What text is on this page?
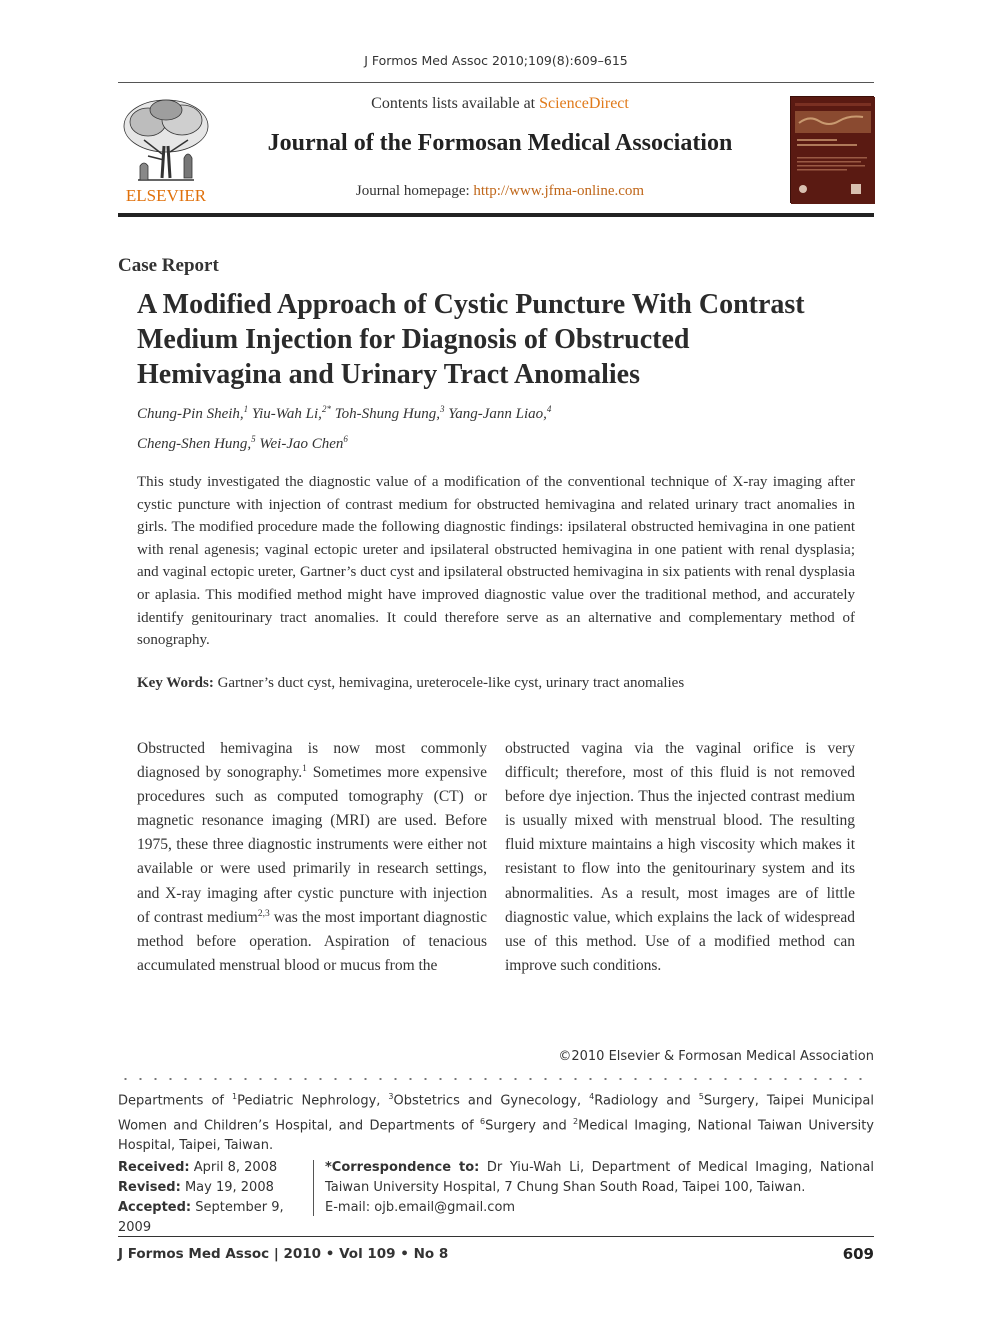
J Formos Med Assoc 2010;109(8):609–615
ELSEVIER
Contents lists available at ScienceDirect
Journal of the Formosan Medical Association
Journal homepage: http://www.jfma-online.com
Case Report
A Modified Approach of Cystic Puncture With Contrast
Medium Injection for Diagnosis of Obstructed
Hemivagina and Urinary Tract Anomalies
Chung-Pin Sheih,$^1$ Yiu-Wah Li,$^{2*}$ Toh-Shung Hung,$^3$ Yang-Jann Liao,$^4$
Cheng-Shen Hung,$^5$ Wei-Jao Chen$^6$
This study investigated the diagnostic value of a modification of the conventional technique of X-ray imaging after cystic puncture with injection of contrast medium for obstructed hemivagina and related urinary tract anomalies in girls. The modified procedure made the following diagnostic findings: ipsilateral obstructed hemivagina in one patient with renal agenesis; vaginal ectopic ureter and ipsilateral obstructed hemivagina in one patient with renal dysplasia; and vaginal ectopic ureter, Gartner’s duct cyst and ipsilateral obstructed hemivagina in six patients with renal dysplasia or aplasia. This modified method might have improved diagnostic value over the traditional method, and accurately identify genitourinary tract anomalies. It could therefore serve as an alternative and complementary method of sonography.
Key Words: Gartner’s duct cyst, hemivagina, ureterocele-like cyst, urinary tract anomalies
Obstructed hemivagina is now most commonly diagnosed by sonography.$^1$ Sometimes more expensive procedures such as computed tomography (CT) or magnetic resonance imaging (MRI) are used. Before 1975, these three diagnostic instruments were either not available or were used primarily in research settings, and X-ray imaging after cystic puncture with injection of contrast medium$^{2,3}$ was the most important diagnostic method before operation. Aspiration of tenacious accumulated menstrual blood or mucus from the
obstructed vagina via the vaginal orifice is very difficult; therefore, most of this fluid is not removed before dye injection. Thus the injected contrast medium is usually mixed with menstrual blood. The resulting fluid mixture maintains a high viscosity which makes it resistant to flow into the genitourinary system and its abnormalities. As a result, most images are of little diagnostic value, which explains the lack of widespread use of this method. Use of a modified method can improve such conditions.
©2010 Elsevier & Formosan Medical Association
Departments of $^1$Pediatric Nephrology, $^3$Obstetrics and Gynecology, $^4$Radiology and $^5$Surgery, Taipei Municipal Women and Children’s Hospital, and Departments of $^6$Surgery and $^2$Medical Imaging, National Taiwan University Hospital, Taipei, Taiwan.
Received: April 8, 2008
Revised: May 19, 2008
Accepted: September 9, 2009
*Correspondence to: Dr Yiu-Wah Li, Department of Medical Imaging, National Taiwan University Hospital, 7 Chung Shan South Road, Taipei 100, Taiwan.
E-mail: ojb.email@gmail.com
J Formos Med Assoc | 2010 • Vol 109 • No 8	609
